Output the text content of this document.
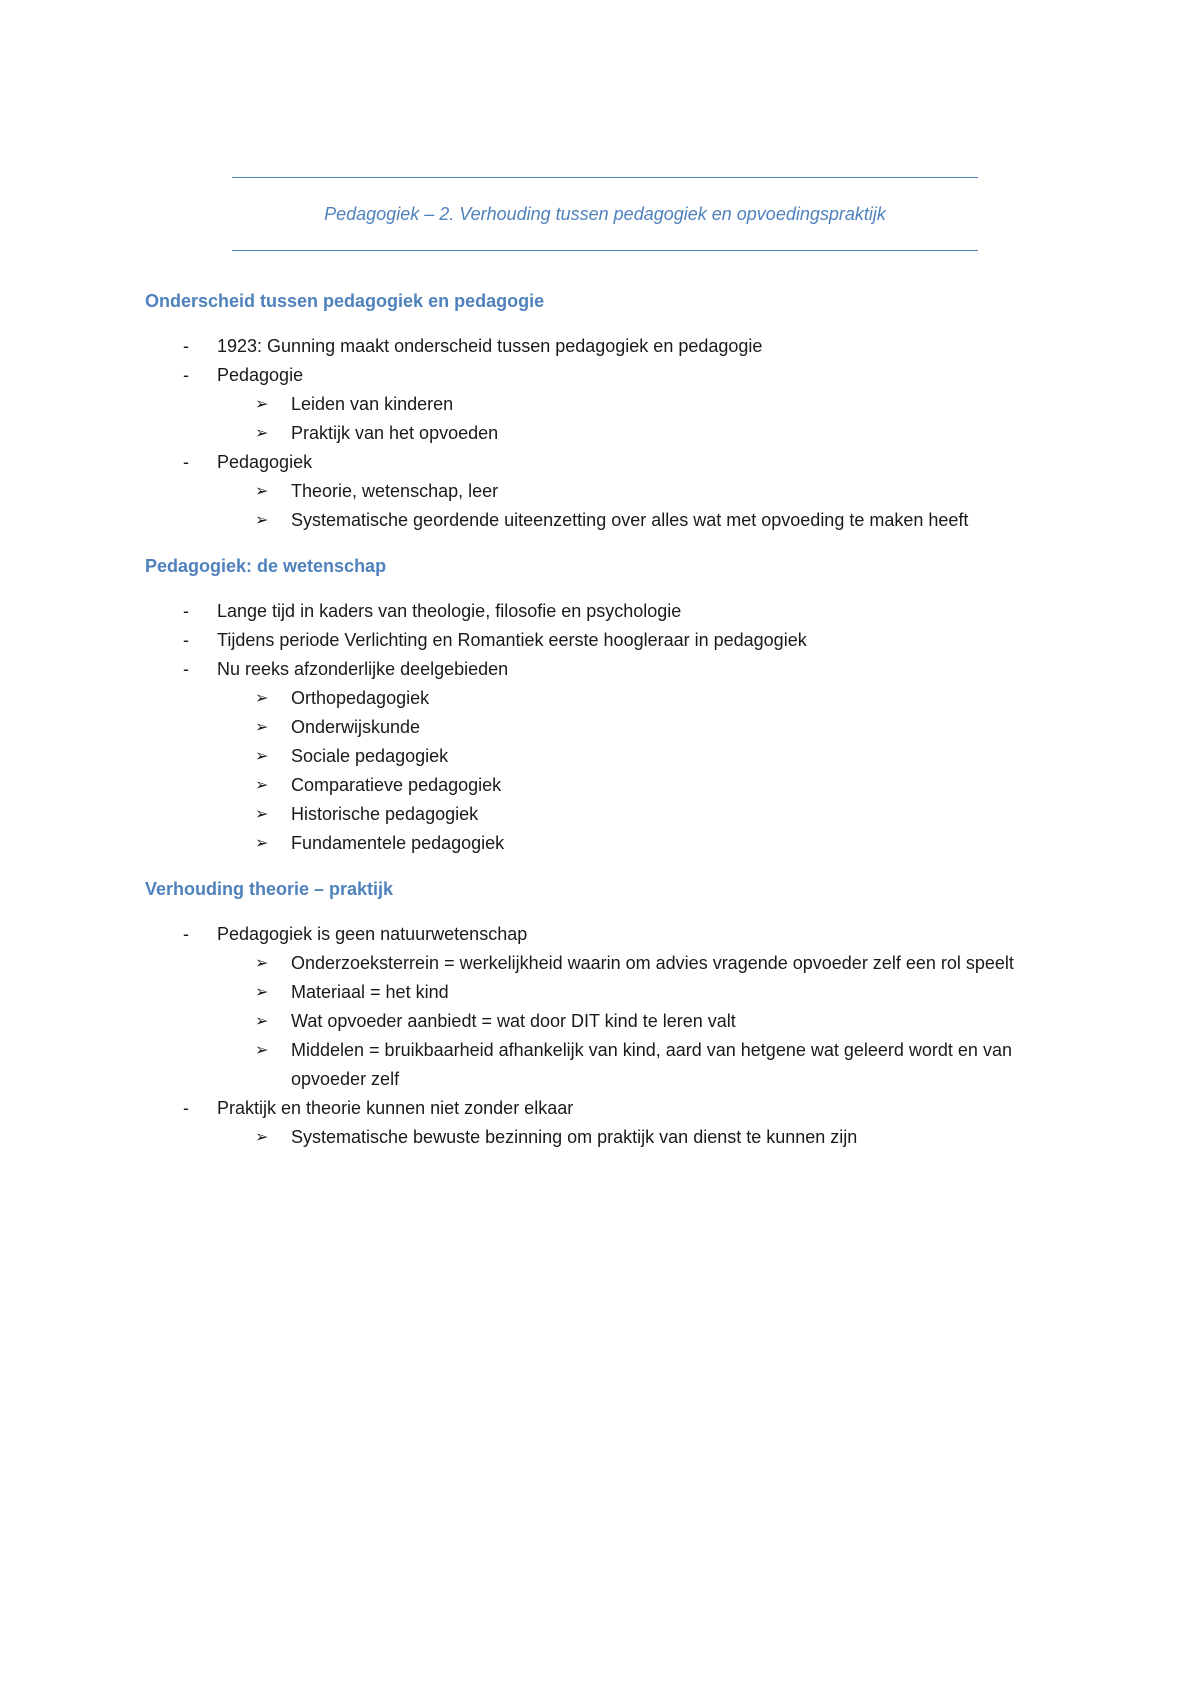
Pedagogiek – 2. Verhouding tussen pedagogiek en opvoedingspraktijk
Onderscheid tussen pedagogiek en pedagogie
- 1923: Gunning maakt onderscheid tussen pedagogiek en pedagogie
- Pedagogie
➢ Leiden van kinderen
➢ Praktijk van het opvoeden
- Pedagogiek
➢ Theorie, wetenschap, leer
➢ Systematische geordende uiteenzetting over alles wat met opvoeding te maken heeft
Pedagogiek: de wetenschap
- Lange tijd in kaders van theologie, filosofie en psychologie
- Tijdens periode Verlichting en Romantiek eerste hoogleraar in pedagogiek
- Nu reeks afzonderlijke deelgebieden
➢ Orthopedagogiek
➢ Onderwijskunde
➢ Sociale pedagogiek
➢ Comparatieve pedagogiek
➢ Historische pedagogiek
➢ Fundamentele pedagogiek
Verhouding theorie – praktijk
- Pedagogiek is geen natuurwetenschap
➢ Onderzoeksterrein = werkelijkheid waarin om advies vragende opvoeder zelf een rol speelt
➢ Materiaal = het kind
➢ Wat opvoeder aanbiedt = wat door DIT kind te leren valt
➢ Middelen = bruikbaarheid afhankelijk van kind, aard van hetgene wat geleerd wordt en van opvoeder zelf
- Praktijk en theorie kunnen niet zonder elkaar
➢ Systematische bewuste bezinning om praktijk van dienst te kunnen zijn
